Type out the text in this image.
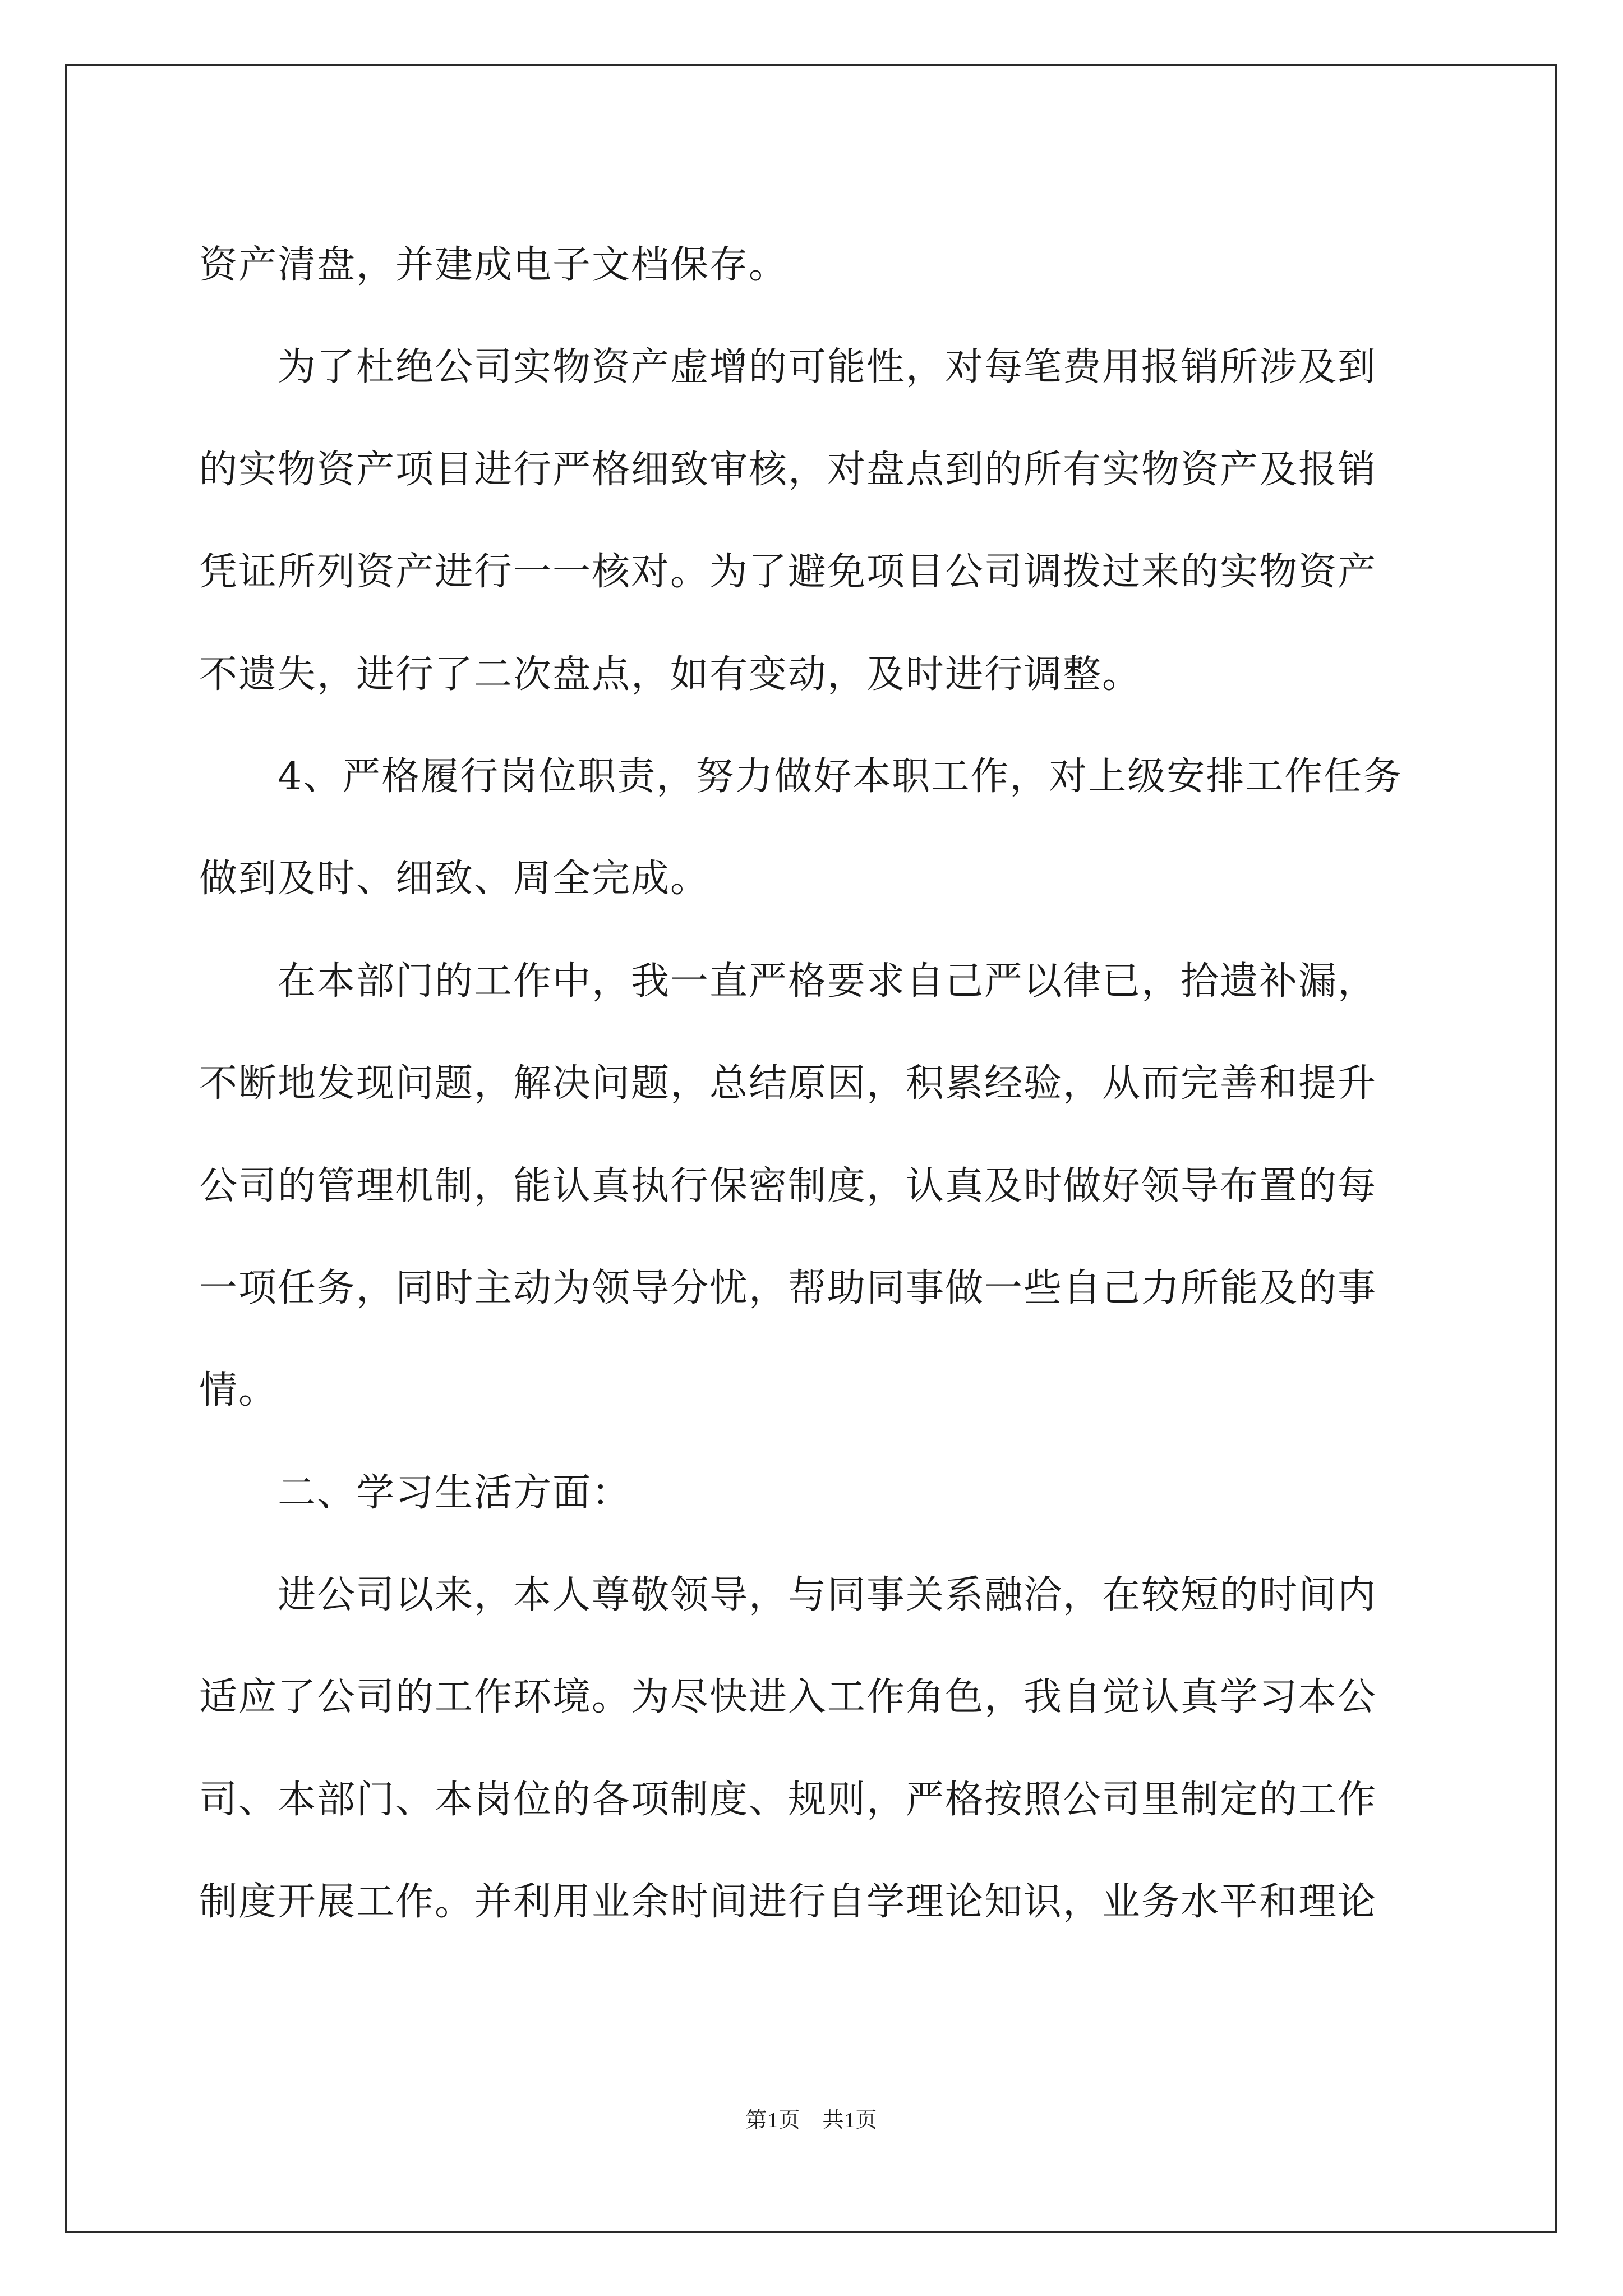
资产清盘，并建成电子文档保存。
为了杜绝公司实物资产虚增的可能性，对每笔费用报销所涉及到
的实物资产项目进行严格细致审核，对盘点到的所有实物资产及报销
凭证所列资产进行一一核对。为了避免项目公司调拨过来的实物资产
不遗失，进行了二次盘点，如有变动，及时进行调整。
4、严格履行岗位职责，努力做好本职工作，对上级安排工作任务
做到及时、细致、周全完成。
在本部门的工作中，我一直严格要求自己严以律已，拾遗补漏，
不断地发现问题，解决问题，总结原因，积累经验，从而完善和提升
公司的管理机制，能认真执行保密制度，认真及时做好领导布置的每
一项任务，同时主动为领导分忧，帮助同事做一些自己力所能及的事
情。
二、学习生活方面：
进公司以来，本人尊敬领导，与同事关系融洽，在较短的时间内
适应了公司的工作环境。为尽快进入工作角色，我自觉认真学习本公
司、本部门、本岗位的各项制度、规则，严格按照公司里制定的工作
制度开展工作。并利用业余时间进行自学理论知识，业务水平和理论
第1页　共1页
